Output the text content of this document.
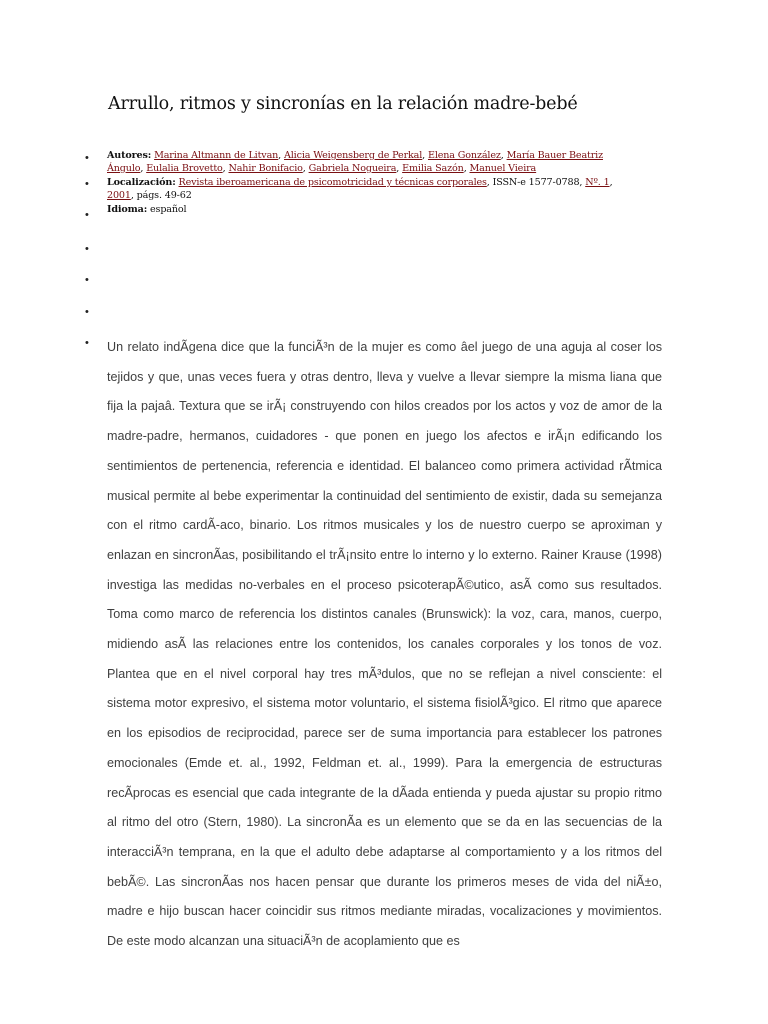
Arrullo, ritmos y sincronías en la relación madre-bebé
•
•
•
•
•
•
•
Autores: Marina Altmann de Litvan, Alicia Weigensberg de Perkal, Elena González, María Bauer Beatriz Ángulo, Eulalia Brovetto, Nahir Bonifacio, Gabriela Nogueira, Emilia Sazón, Manuel Vieira
Localización: Revista iberoamericana de psicomotricidad y técnicas corporales, ISSN-e 1577-0788, Nº. 1, 2001, págs. 49-62
Idioma: español

Un relato indÃgena dice que la funciÃ³n de la mujer es como âel juego de una aguja al coser los tejidos y que, unas veces fuera y otras dentro, lleva y vuelve a llevar siempre la misma liana que fija la pajaâ. Textura que se irÃ¡ construyendo con hilos creados por los actos y voz de amor de la madre-padre, hermanos, cuidadores - que ponen en juego los afectos e irÃ¡n edificando los sentimientos de pertenencia, referencia e identidad. El balanceo como primera actividad rÃtmica musical permite al bebe experimentar la continuidad del sentimiento de existir, dada su semejanza con el ritmo cardÃ-aco, binario. Los ritmos musicales y los de nuestro cuerpo se aproximan y enlazan en sincronÃas, posibilitando el trÃ¡nsito entre lo interno y lo externo. Rainer Krause (1998) investiga las medidas no-verbales en el proceso psicoterapÃ©utico, asÃ como sus resultados. Toma como marco de referencia los distintos canales (Brunswick): la voz, cara, manos, cuerpo, midiendo asÃ las relaciones entre los contenidos, los canales corporales y los tonos de voz. Plantea que en el nivel corporal hay tres mÃ³dulos, que no se reflejan a nivel consciente: el sistema motor expresivo, el sistema motor voluntario, el sistema fisiolÃ³gico. El ritmo que aparece en los episodios de reciprocidad, parece ser de suma importancia para establecer los patrones emocionales (Emde et. al., 1992, Feldman et. al., 1999). Para la emergencia de estructuras recÃprocas es esencial que cada integrante de la dÃada entienda y pueda ajustar su propio ritmo al ritmo del otro (Stern, 1980). La sincronÃa es un elemento que se da en las secuencias de la interacciÃ³n temprana, en la que el adulto debe adaptarse al comportamiento y a los ritmos del bebÃ©. Las sincronÃas nos hacen pensar que durante los primeros meses de vida del niÃ±o, madre e hijo buscan hacer coincidir sus ritmos mediante miradas, vocalizaciones y movimientos. De este modo alcanzan una situaciÃ³n de acoplamiento que es
